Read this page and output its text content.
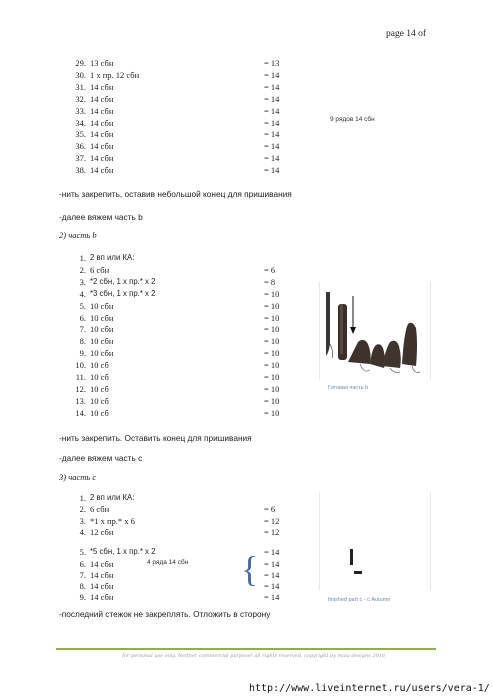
page 14 of
29. 13 сбн	= 13
30. 1 х пр. 12 сбн	= 14
31. 14 сбн	= 14
32. 14 сбн	= 14
33. 14 сбн	= 14
34. 14 сбн	= 14
35. 14 сбн	= 14
36. 14 сбн	= 14
37. 14 сбн	= 14
38. 14 сбн	= 14
9 рядов 14 сбн
-нить закрепить, оставив небольшой конец для пришивания
-далее вяжем часть b
2) часть b
1. 2 вп или КА:
2. 6 сбн	= 6
3. *2 сбн, 1 х пр.* х 2	= 8
4. *3 сбн, 1 х пр.* х 2	= 10
5. 10 сбн	= 10
6. 10 сбн	= 10
7. 10 сбн	= 10
8. 10 сбн	= 10
9. 10 сбн	= 10
10. 10 сб	= 10
11. 10 сб	= 10
12. 10 сб	= 10
13. 10 сб	= 10
14. 10 сб	= 10
Готовая часть b
-нить закрепить. Оставить конец для пришивания
-далее вяжем часть с
3) часть с
1. 2 вп или КА:
2. 6 сбн	= 6
3. *1 х пр.* х 6	= 12
4. 12 сбн	= 12
5. *5 сбн, 1 х пр.* х 2	= 14
6. 14 сбн	= 14
7. 14 сбн	= 14
8. 14 сбн	= 14
9. 14 сбн	= 14
4 ряда 14 сбн {
finished part с - с Autumn
-последний стежок не закреплять. Отложить в сторону
for personal use only. Neither commercial purpose! all rights reserved, copyright by maia designs 2016
http://www.liveinternet.ru/users/vera-1/
